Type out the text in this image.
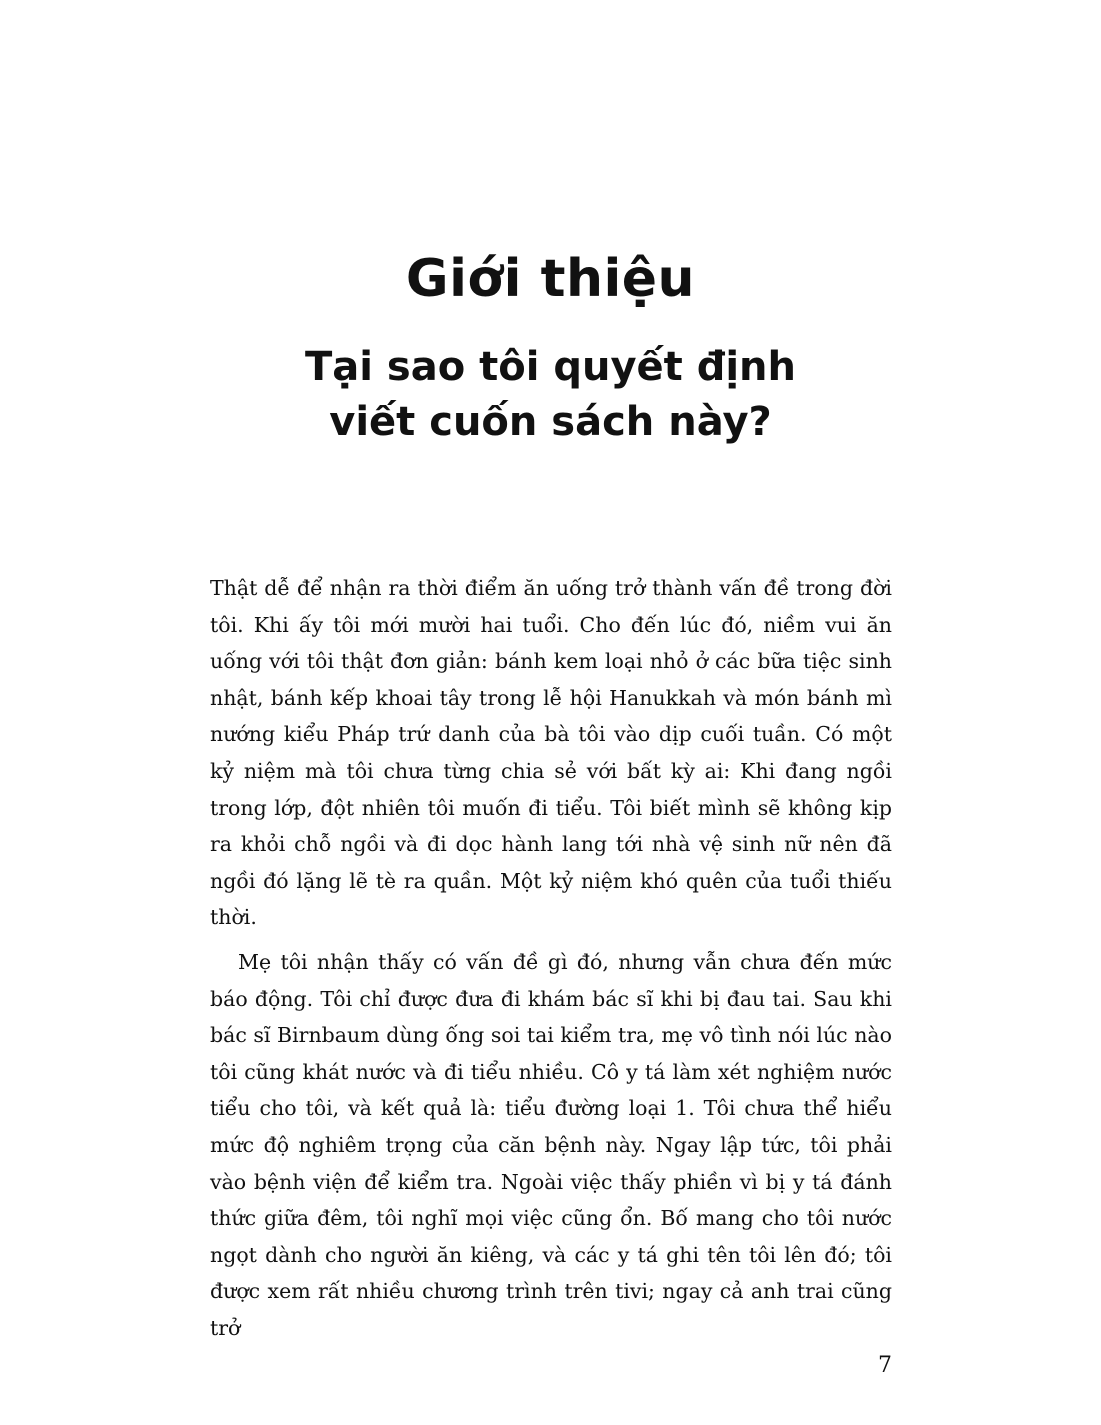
Giới thiệu
Tại sao tôi quyết định
viết cuốn sách này?

Thật dễ để nhận ra thời điểm ăn uống trở thành vấn đề trong đời tôi. Khi ấy tôi mới mười hai tuổi. Cho đến lúc đó, niềm vui ăn uống với tôi thật đơn giản: bánh kem loại nhỏ ở các bữa tiệc sinh nhật, bánh kếp khoai tây trong lễ hội Hanukkah và món bánh mì nướng kiểu Pháp trứ danh của bà tôi vào dịp cuối tuần. Có một kỷ niệm mà tôi chưa từng chia sẻ với bất kỳ ai: Khi đang ngồi trong lớp, đột nhiên tôi muốn đi tiểu. Tôi biết mình sẽ không kịp ra khỏi chỗ ngồi và đi dọc hành lang tới nhà vệ sinh nữ nên đã ngồi đó lặng lẽ tè ra quần. Một kỷ niệm khó quên của tuổi thiếu thời.

Mẹ tôi nhận thấy có vấn đề gì đó, nhưng vẫn chưa đến mức báo động. Tôi chỉ được đưa đi khám bác sĩ khi bị đau tai. Sau khi bác sĩ Birnbaum dùng ống soi tai kiểm tra, mẹ vô tình nói lúc nào tôi cũng khát nước và đi tiểu nhiều. Cô y tá làm xét nghiệm nước tiểu cho tôi, và kết quả là: tiểu đường loại 1. Tôi chưa thể hiểu mức độ nghiêm trọng của căn bệnh này. Ngay lập tức, tôi phải vào bệnh viện để kiểm tra. Ngoài việc thấy phiền vì bị y tá đánh thức giữa đêm, tôi nghĩ mọi việc cũng ổn. Bố mang cho tôi nước ngọt dành cho người ăn kiêng, và các y tá ghi tên tôi lên đó; tôi được xem rất nhiều chương trình trên tivi; ngay cả anh trai cũng trở

7
